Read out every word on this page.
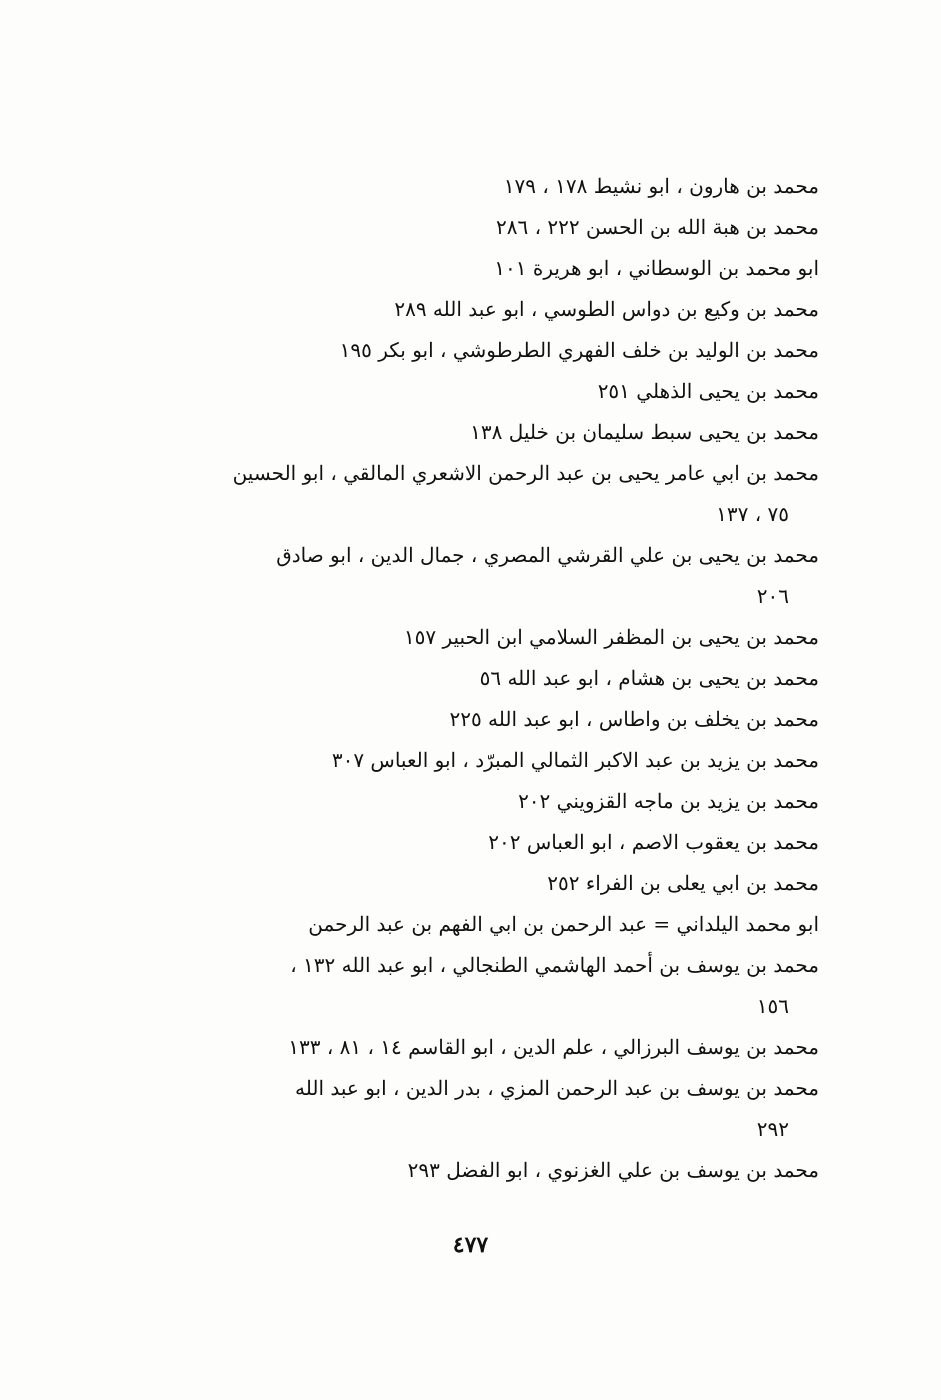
محمد بن هارون ، ابو نشيط ١٧٨ ، ١٧٩
محمد بن هبة الله بن الحسن ٢٢٢ ، ٢٨٦
ابو محمد بن الوسطاني ، ابو هريرة ١٠١
محمد بن وكيع بن دواس الطوسي ، ابو عبد الله ٢٨٩
محمد بن الوليد بن خلف الفهري الطرطوشي ، ابو بكر ١٩٥
محمد بن يحيى الذهلي ٢٥١
محمد بن يحيى سبط سليمان بن خليل ١٣٨
محمد بن ابي عامر يحيى بن عبد الرحمن الاشعري المالقي ، ابو الحسين
٧٥ ، ١٣٧
محمد بن يحيى بن علي القرشي المصري ، جمال الدين ، ابو صادق
٢٠٦
محمد بن يحيى بن المظفر السلامي ابن الحبير ١٥٧
محمد بن يحيى بن هشام ، ابو عبد الله ٥٦
محمد بن يخلف بن واطاس ، ابو عبد الله ٢٢٥
محمد بن يزيد بن عبد الاكبر الثمالي المبرّد ، ابو العباس ٣٠٧
محمد بن يزيد بن ماجه القزويني ٢٠٢
محمد بن يعقوب الاصم ، ابو العباس ٢٠٢
محمد بن ابي يعلى بن الفراء ٢٥٢
ابو محمد اليلداني = عبد الرحمن بن ابي الفهم بن عبد الرحمن
محمد بن يوسف بن أحمد الهاشمي الطنجالي ، ابو عبد الله ١٣٢ ،
١٥٦
محمد بن يوسف البرزالي ، علم الدين ، ابو القاسم ١٤ ، ٨١ ، ١٣٣
محمد بن يوسف بن عبد الرحمن المزي ، بدر الدين ، ابو عبد الله
٢٩٢
محمد بن يوسف بن علي الغزنوي ، ابو الفضل ٢٩٣
٤٧٧
